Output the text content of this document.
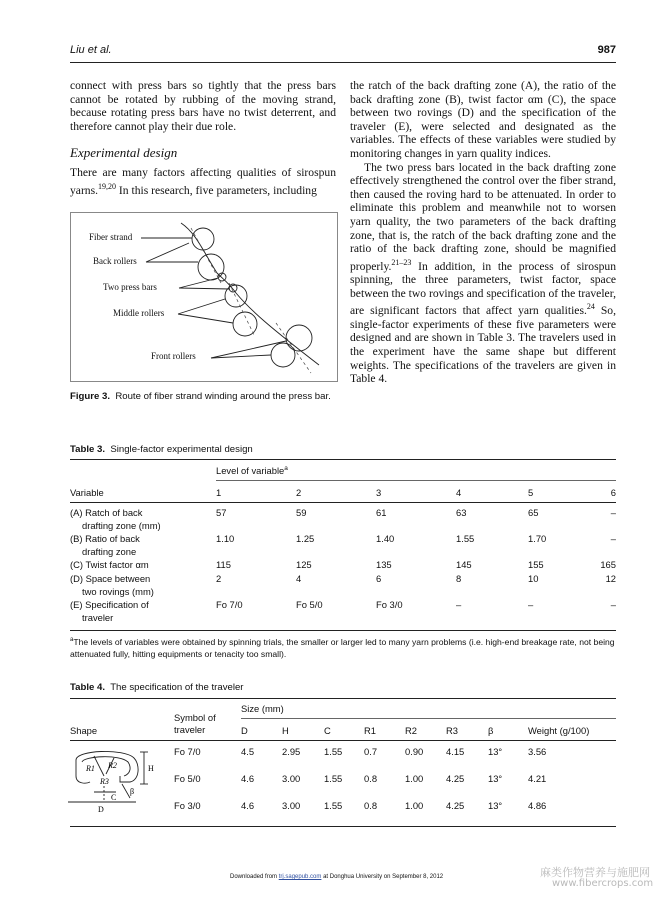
Liu et al.	987

connect with press bars so tightly that the press bars cannot be rotated by rubbing of the moving strand, because rotating press bars have no twist deterrent, and therefore cannot play their due role.

Experimental design

There are many factors affecting qualities of sirospun yarns.$^{19,20}$ In this research, five parameters, including

Fiber strand
Back rollers
Two press bars
Middle rollers
Front rollers
Figure 3. Route of fiber strand winding around the press bar.

the ratch of the back drafting zone (A), the ratio of the back drafting zone (B), twist factor αm (C), the space between two rovings (D) and the specification of the traveler (E), were selected and designated as the variables. The effects of these variables were studied by monitoring changes in yarn quality indices.

The two press bars located in the back drafting zone effectively strengthened the control over the fiber strand, then caused the roving hard to be attenuated. In order to eliminate this problem and meanwhile not to worsen yarn quality, the two parameters of the back drafting zone, that is, the ratch of the back drafting zone and the ratio of the back drafting zone, should be magnified properly.$^{21-23}$ In addition, in the process of sirospun spinning, the three parameters, twist factor, space between the two rovings and specification of the traveler, are significant factors that affect yarn qualities.$^{24}$ So, single-factor experiments of these five parameters were designed and are shown in Table 3. The travelers used in the experiment have the same shape but different weights. The specifications of the travelers are given in Table 4.

Table 3. Single-factor experimental design
Level of variable$^a$
Variable	1	2	3	4	5	6
(A) Ratch of back
drafting zone (mm)	57	59	61	63	65	–
(B) Ratio of back
drafting zone	1.10	1.25	1.40	1.55	1.70	–
(C) Twist factor αm	115	125	135	145	155	165
(D) Space between
two rovings (mm)	2	4	6	8	10	12
(E) Specification of
traveler	Fo 7/0	Fo 5/0	Fo 3/0	–	–	–
$^a$The levels of variables were obtained by spinning trials, the smaller or larger led to many yarn problems (i.e. high-end breakage rate, not being attenuated fully, hitting equipments or tenacity too small).
Table 4. The specification of the traveler
Size (mm)
Symbol of
traveler
Shape	D	H	C	R1	R2	R3	β	Weight (g/100)
Fo 7/0	4.5	2.95	1.55	0.7	0.90	4.15	13°	3.56
Fo 5/0	4.6	3.00	1.55	0.8	1.00	4.25	13°	4.21
Fo 3/0	4.6	3.00	1.55	0.8	1.00	4.25	13°	4.86
R1 R2
R3
H
C
β
D
Downloaded from trj.sagepub.com at Donghua University on September 8, 2012	麻类作物营养与施肥网
www.fibercrops.com
